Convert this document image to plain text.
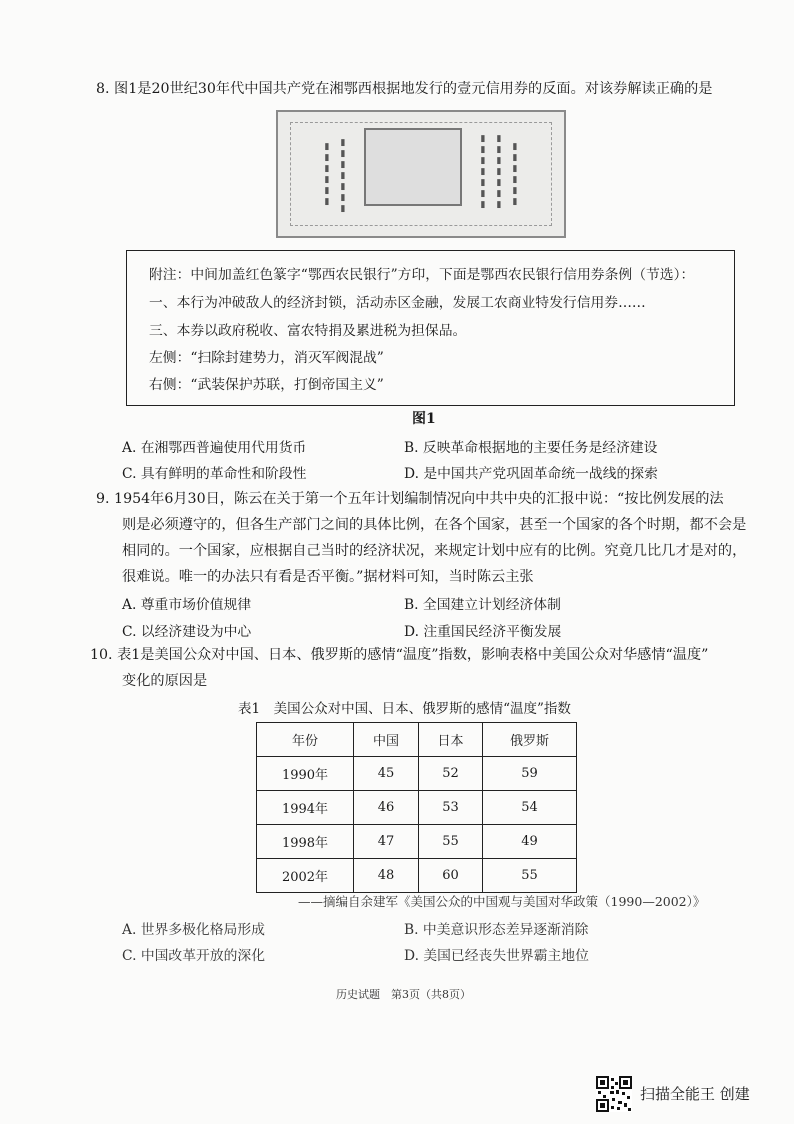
8. 图1是20世纪30年代中国共产党在湘鄂西根据地发行的壹元信用券的反面。对该券解读正确的是
▮▮▮▮▮▮ ▮▮▮▮▮▮▮	▮▮▮▮▮▮▮ ▮▮▮▮▮▮▮ ▮▮▮▮▮▮
附注：中间加盖红色篆字“鄂西农民银行”方印，下面是鄂西农民银行信用券条例（节选）：
一、本行为冲破敌人的经济封锁，活动赤区金融，发展工农商业特发行信用券……
三、本券以政府税收、富农特捐及累进税为担保品。
左侧：“扫除封建势力，消灭军阀混战”
右侧：“武装保护苏联，打倒帝国主义”
图1
A. 在湘鄂西普遍使用代用货币	B. 反映革命根据地的主要任务是经济建设
C. 具有鲜明的革命性和阶段性	D. 是中国共产党巩固革命统一战线的探索
9. 1954年6月30日，陈云在关于第一个五年计划编制情况向中共中央的汇报中说：“按比例发展的法
则是必须遵守的，但各生产部门之间的具体比例，在各个国家，甚至一个国家的各个时期，都不会是
相同的。一个国家，应根据自己当时的经济状况，来规定计划中应有的比例。究竟几比几才是对的，
很难说。唯一的办法只有看是否平衡。”据材料可知，当时陈云主张
A. 尊重市场价值规律	B. 全国建立计划经济体制
C. 以经济建设为中心	D. 注重国民经济平衡发展
10. 表1是美国公众对中国、日本、俄罗斯的感情“温度”指数，影响表格中美国公众对华感情“温度”
变化的原因是
表1　美国公众对中国、日本、俄罗斯的感情“温度”指数
年份	中国	日本	俄罗斯
1990年	45	52	59
1994年	46	53	54
1998年	47	55	49
2002年	48	60	55
——摘编自余建军《美国公众的中国观与美国对华政策（1990—2002）》
A. 世界多极化格局形成	B. 中美意识形态差异逐渐消除
C. 中国改革开放的深化	D. 美国已经丧失世界霸主地位
历史试题　第3页（共8页）
扫描全能王 创建
